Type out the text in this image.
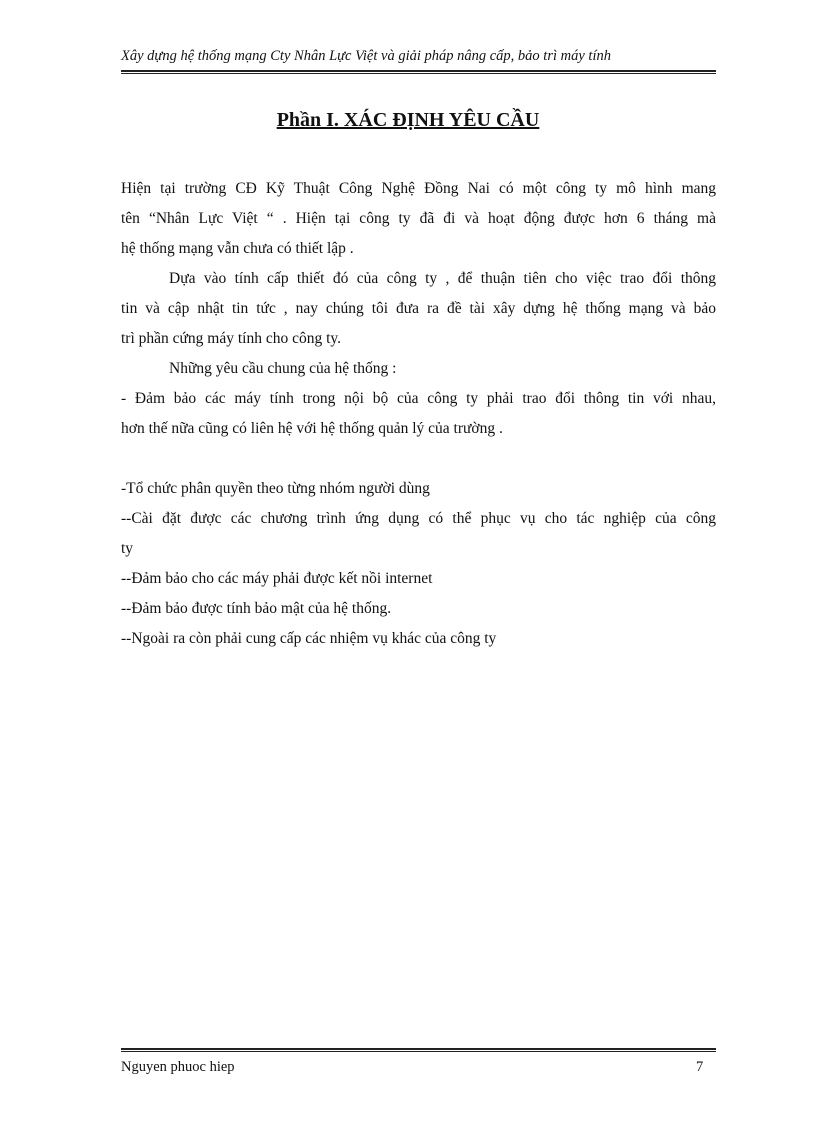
Xây dựng hệ thống mạng Cty Nhân Lực Việt và giải pháp nâng cấp, bảo trì máy tính
Phần I. XÁC ĐỊNH YÊU CẦU
Hiện tại trường CĐ Kỹ Thuật Công Nghệ Đồng Nai có một công ty mô hình mang
tên “Nhân Lực Việt “ . Hiện tại công ty đã đi và hoạt động được hơn 6 tháng mà
hệ thống mạng vẫn chưa có thiết lập .
Dựa vào tính cấp thiết đó của công ty , để thuận tiên cho việc trao đổi thông
tin và cập nhật tin tức , nay chúng tôi đưa ra đề tài xây dựng hệ thống mạng và bảo
trì phần cứng máy tính cho công ty.
Những yêu cầu chung của hệ thống :
- Đảm bảo các máy tính trong nội bộ của công ty phải trao đổi thông tin với nhau,
hơn thế nữa cũng có liên hệ với hệ thống quản lý của trường .
-Tổ chức phân quyền theo từng nhóm người dùng
--Cài đặt được các chương trình ứng dụng có thể phục vụ cho tác nghiệp của công
ty
--Đảm bảo cho các máy phải được kết nồi internet
--Đảm bảo được tính bảo mật của hệ thống.
--Ngoài ra còn phải cung cấp các nhiệm vụ khác của công ty
Nguyen phuoc hiep	7
